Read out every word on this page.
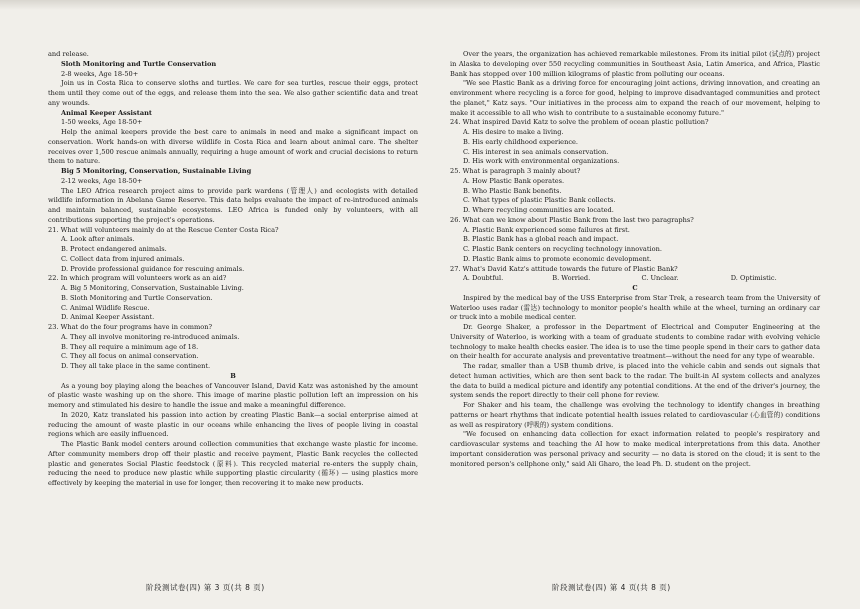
and release.

Sloth Monitoring and Turtle Conservation

2-8 weeks, Age 18-50+

Join us in Costa Rica to conserve sloths and turtles. We care for sea turtles, rescue their eggs, protect them until they come out of the eggs, and release them into the sea. We also gather scientific data and treat any wounds.

Animal Keeper Assistant

1-50 weeks, Age 18-50+

Help the animal keepers provide the best care to animals in need and make a significant impact on conservation. Work hands-on with diverse wildlife in Costa Rica and learn about animal care. The shelter receives over 1,500 rescue animals annually, requiring a huge amount of work and crucial decisions to return them to nature.

Big 5 Monitoring, Conservation, Sustainable Living

2-12 weeks, Age 18-50+

The LEO Africa research project aims to provide park wardens (管理人) and ecologists with detailed wildlife information in Abelana Game Reserve. This data helps evaluate the impact of re-introduced animals and maintain balanced, sustainable ecosystems. LEO Africa is funded only by volunteers, with all contributions supporting the project's operations.

21. What will volunteers mainly do at the Rescue Center Costa Rica?

A. Look after animals.

B. Protect endangered animals.

C. Collect data from injured animals.

D. Provide professional guidance for rescuing animals.

22. In which program will volunteers work as an aid?

A. Big 5 Monitoring, Conservation, Sustainable Living.

B. Sloth Monitoring and Turtle Conservation.

C. Animal Wildlife Rescue.

D. Animal Keeper Assistant.

23. What do the four programs have in common?

A. They all involve monitoring re-introduced animals.

B. They all require a minimum age of 18.

C. They all focus on animal conservation.

D. They all take place in the same continent.

B

As a young boy playing along the beaches of Vancouver Island, David Katz was astonished by the amount of plastic waste washing up on the shore. This image of marine plastic pollution left an impression on his memory and stimulated his desire to handle the issue and make a meaningful difference.

In 2020, Katz translated his passion into action by creating Plastic Bank—a social enterprise aimed at reducing the amount of waste plastic in our oceans while enhancing the lives of people living in coastal regions which are easily influenced.

The Plastic Bank model centers around collection communities that exchange waste plastic for income. After community members drop off their plastic and receive payment, Plastic Bank recycles the collected plastic and generates Social Plastic feedstock (原料). This recycled material re-enters the supply chain, reducing the need to produce new plastic while supporting plastic circularity (循环) — using plastics more effectively by keeping the material in use for longer, then recovering it to make new products.

Over the years, the organization has achieved remarkable milestones. From its initial pilot (试点的) project in Alaska to developing over 550 recycling communities in Southeast Asia, Latin America, and Africa, Plastic Bank has stopped over 100 million kilograms of plastic from polluting our oceans.

"We see Plastic Bank as a driving force for encouraging joint actions, driving innovation, and creating an environment where recycling is a force for good, helping to improve disadvantaged communities and protect the planet," Katz says. "Our initiatives in the process aim to expand the reach of our movement, helping to make it accessible to all who wish to contribute to a sustainable economy future."

24. What inspired David Katz to solve the problem of ocean plastic pollution?

A. His desire to make a living.

B. His early childhood experience.

C. His interest in sea animals conservation.

D. His work with environmental organizations.

25. What is paragraph 3 mainly about?

A. How Plastic Bank operates.

B. Who Plastic Bank benefits.

C. What types of plastic Plastic Bank collects.

D. Where recycling communities are located.

26. What can we know about Plastic Bank from the last two paragraphs?

A. Plastic Bank experienced some failures at first.

B. Plastic Bank has a global reach and impact.

C. Plastic Bank centers on recycling technology innovation.

D. Plastic Bank aims to promote economic development.

27. What's David Katz's attitude towards the future of Plastic Bank?

A. Doubtful.	B. Worried.	C. Unclear.	D. Optimistic.

C

Inspired by the medical bay of the USS Enterprise from Star Trek, a research team from the University of Waterloo uses radar (雷达) technology to monitor people's health while at the wheel, turning an ordinary car or truck into a mobile medical center.

Dr. George Shaker, a professor in the Department of Electrical and Computer Engineering at the University of Waterloo, is working with a team of graduate students to combine radar with evolving vehicle technology to make health checks easier. The idea is to use the time people spend in their cars to gather data on their health for accurate analysis and preventative treatment—without the need for any type of wearable.

The radar, smaller than a USB thumb drive, is placed into the vehicle cabin and sends out signals that detect human activities, which are then sent back to the radar. The built-in AI system collects and analyzes the data to build a medical picture and identify any potential conditions. At the end of the driver's journey, the system sends the report directly to their cell phone for review.

For Shaker and his team, the challenge was evolving the technology to identify changes in breathing patterns or heart rhythms that indicate potential health issues related to cardiovascular (心血管的) conditions as well as respiratory (呼吸的) system conditions.

"We focused on enhancing data collection for exact information related to people's respiratory and cardiovascular systems and teaching the AI how to make medical interpretations from this data. Another important consideration was personal privacy and security — no data is stored on the cloud; it is sent to the monitored person's cellphone only," said Ali Gharo, the lead Ph. D. student on the project.

阶段测试卷(四) 第 3 页(共 8 页)	阶段测试卷(四) 第 4 页(共 8 页)
